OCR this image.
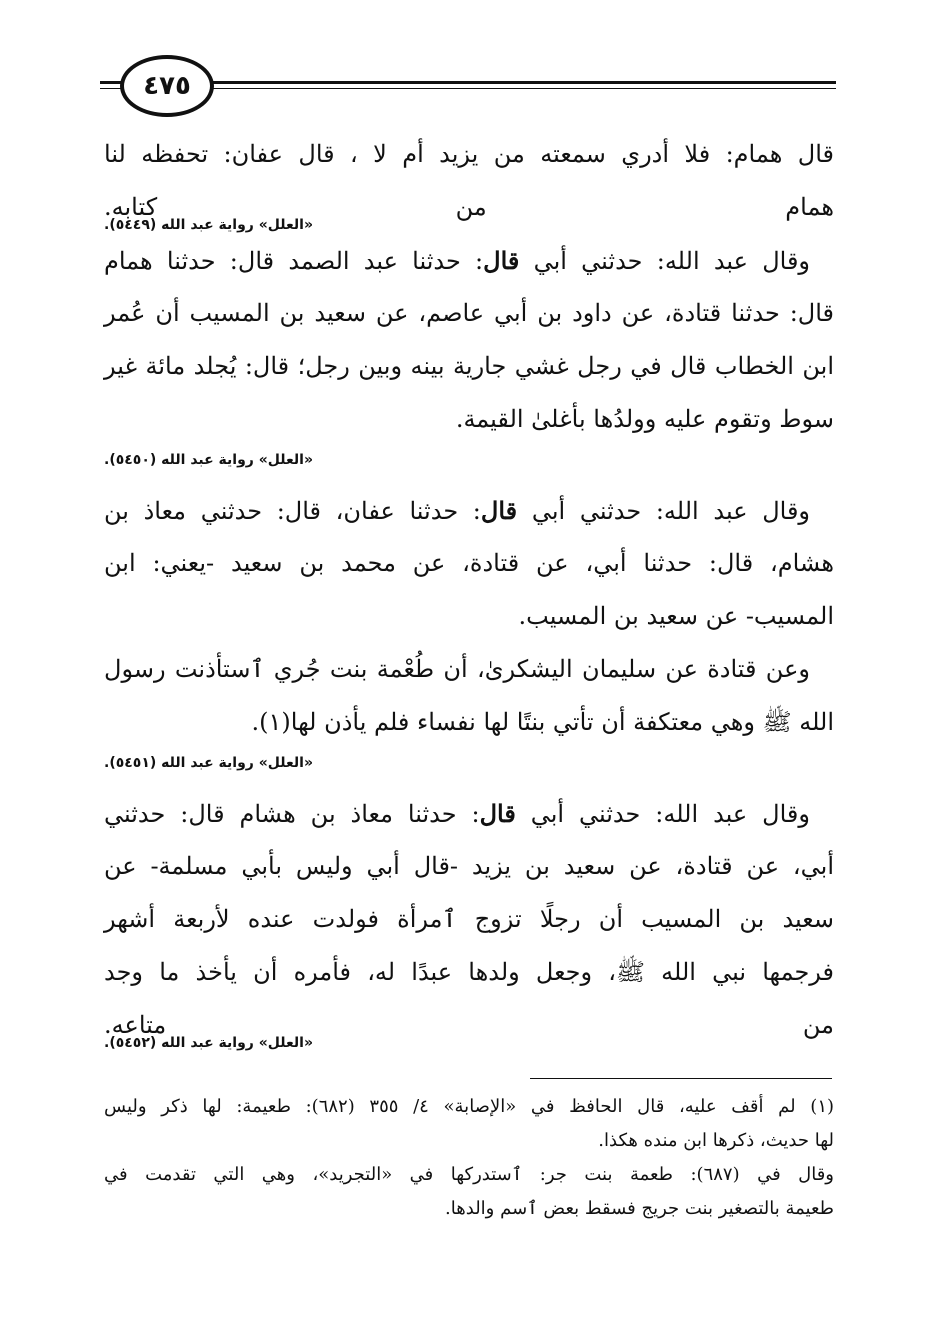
٤٧٥
قال همام: فلا أدري سمعته من يزيد أم لا ، قال عفان: تحفظه لنا
همام من كتابه.
«العلل» رواية عبد الله (٥٤٤٩).
وقال عبد الله: حدثني أبي قال: حدثنا عبد الصمد قال: حدثنا همام
قال: حدثنا قتادة، عن داود بن أبي عاصم، عن سعيد بن المسيب أن عُمر
ابن الخطاب قال في رجل غشي جارية بينه وبين رجل؛ قال: يُجلد مائة غير
سوط وتقوم عليه وولدُها بأغلىٰ القيمة.
«العلل» رواية عبد الله (٥٤٥٠).
وقال عبد الله: حدثني أبي قال: حدثنا عفان، قال: حدثني معاذ بن
هشام، قال: حدثنا أبي، عن قتادة، عن محمد بن سعيد -يعني: ابن
المسيب- عن سعيد بن المسيب.
وعن قتادة عن سليمان اليشكرىٰ، أن طُعْمة بنت جُري ٱستأذنت رسول
الله ﷺ وهي معتكفة أن تأتي بنتًا لها نفساء فلم يأذن لها(١).
«العلل» رواية عبد الله (٥٤٥١).
وقال عبد الله: حدثني أبي قال: حدثنا معاذ بن هشام قال: حدثني
أبي، عن قتادة، عن سعيد بن يزيد -قال أبي وليس بأبي مسلمة- عن
سعيد بن المسيب أن رجلًا تزوج ٱمرأة فولدت عنده لأربعة أشهر
فرجمها نبي الله ﷺ، وجعل ولدها عبدًا له، فأمره أن يأخذ ما وجد
من متاعه.
«العلل» رواية عبد الله (٥٤٥٢).
(١) لم أقف عليه، قال الحافظ في «الإصابة» ٤/ ٣٥٥ (٦٨٢): طعيمة: لها ذكر وليس
لها حديث، ذكرها ابن منده هكذا.
وقال في (٦٨٧): طعمة بنت جر: ٱستدركها في «التجريد»، وهي التي تقدمت في
طعيمة بالتصغير بنت جريج فسقط بعض ٱسم والدها.
